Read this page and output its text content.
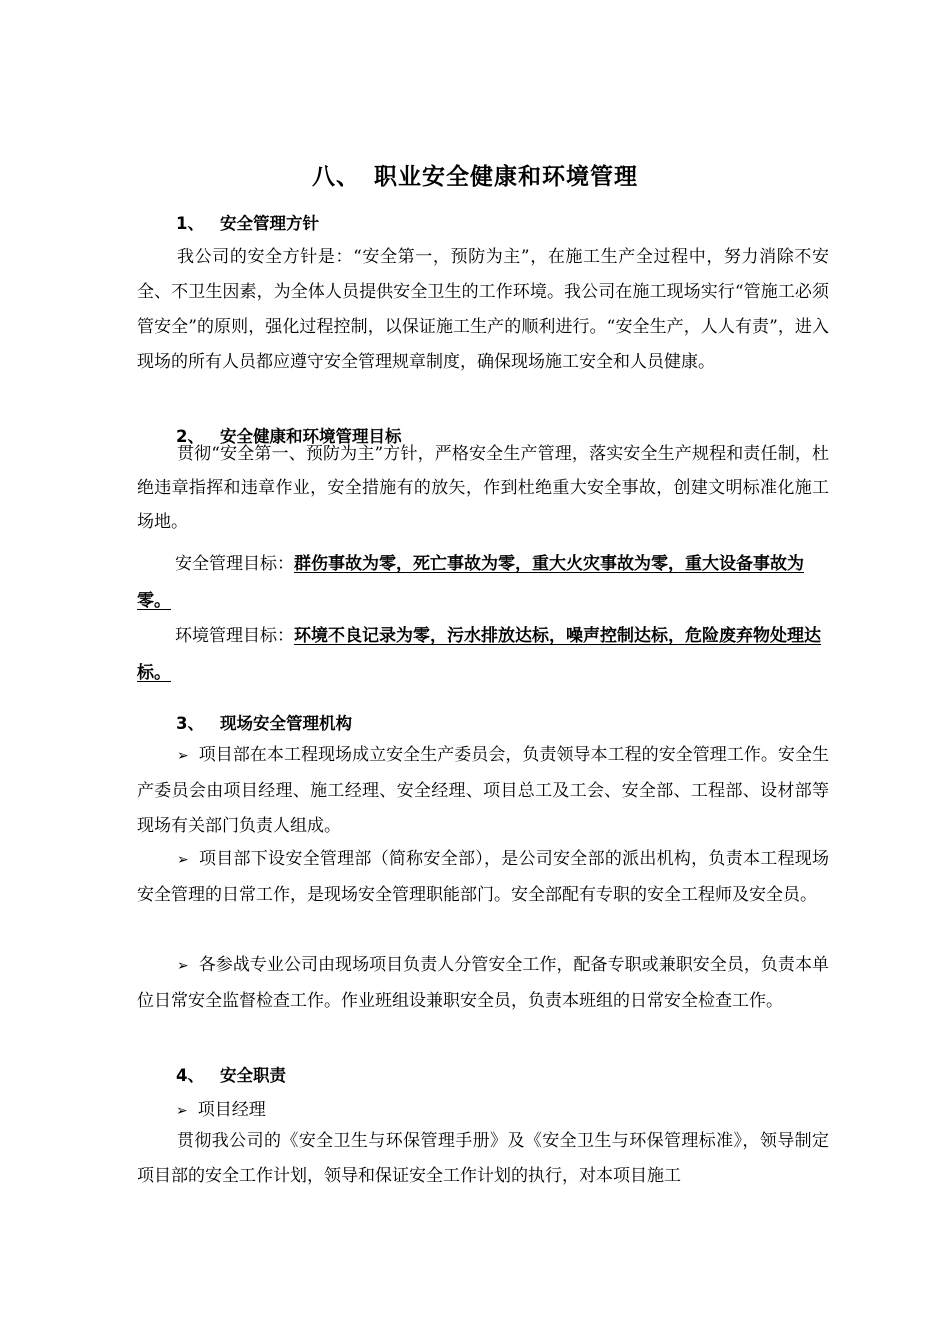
八、 职业安全健康和环境管理
1、 安全管理方针
我公司的安全方针是：“安全第一，预防为主”，在施工生产全过程中，努力消除不安全、不卫生因素，为全体人员提供安全卫生的工作环境。我公司在施工现场实行“管施工必须管安全”的原则，强化过程控制，以保证施工生产的顺利进行。“安全生产，人人有责”，进入现场的所有人员都应遵守安全管理规章制度，确保现场施工安全和人员健康。
2、 安全健康和环境管理目标
贯彻“安全第一、预防为主”方针，严格安全生产管理，落实安全生产规程和责任制，杜绝违章指挥和违章作业，安全措施有的放矢，作到杜绝重大安全事故，创建文明标准化施工场地。
安全管理目标：群伤事故为零，死亡事故为零，重大火灾事故为零，重大设备事故为零。
环境管理目标：环境不良记录为零，污水排放达标，噪声控制达标，危险废弃物处理达标。
3、 现场安全管理机构
➢ 项目部在本工程现场成立安全生产委员会，负责领导本工程的安全管理工作。安全生产委员会由项目经理、施工经理、安全经理、项目总工及工会、安全部、工程部、设材部等现场有关部门负责人组成。
➢ 项目部下设安全管理部（简称安全部），是公司安全部的派出机构，负责本工程现场安全管理的日常工作，是现场安全管理职能部门。安全部配有专职的安全工程师及安全员。
➢ 各参战专业公司由现场项目负责人分管安全工作，配备专职或兼职安全员，负责本单位日常安全监督检查工作。作业班组设兼职安全员，负责本班组的日常安全检查工作。
4、 安全职责
➢ 项目经理
贯彻我公司的《安全卫生与环保管理手册》及《安全卫生与环保管理标准》，领导制定项目部的安全工作计划，领导和保证安全工作计划的执行，对本项目施工
